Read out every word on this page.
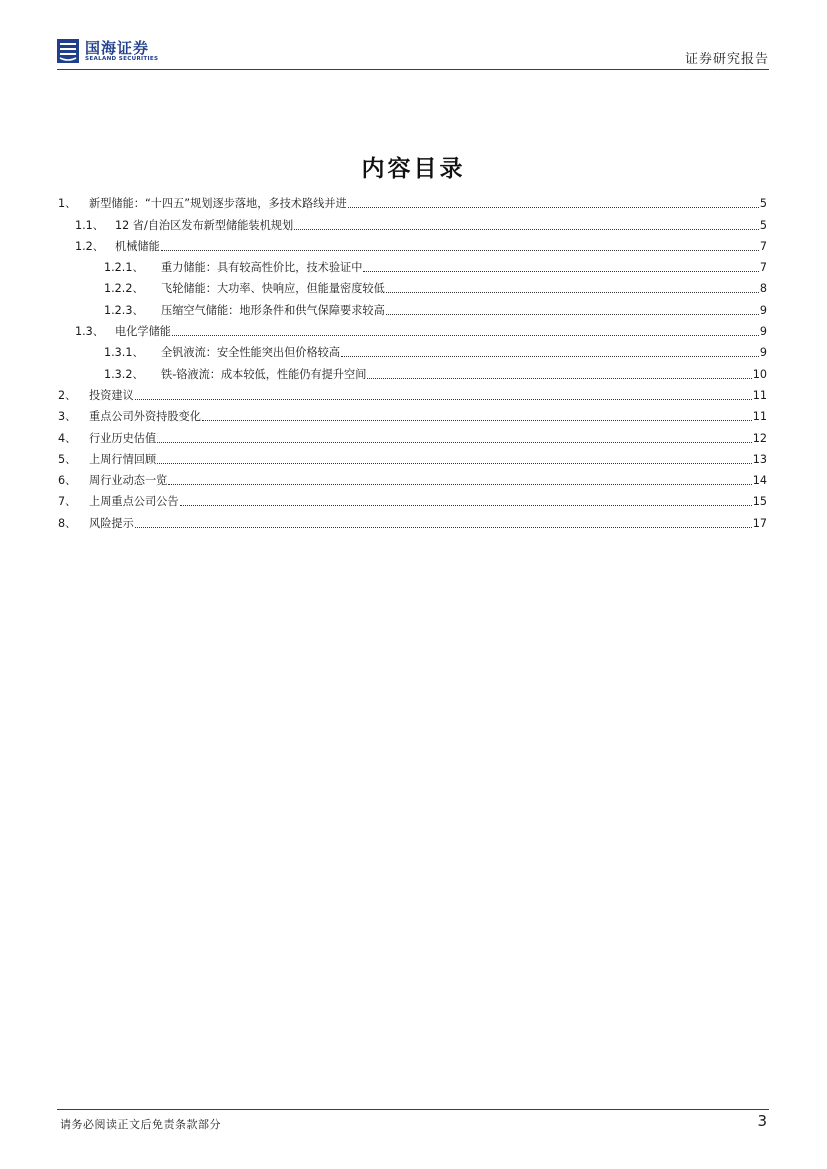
国海证券
SEALAND SECURITIES	证券研究报告
内容目录
1、	新型储能：“十四五”规划逐步落地，多技术路线并进	5
1.1、 12 省/自治区发布新型储能装机规划	5
1.2、 机械储能	7
1.2.1、	重力储能：具有较高性价比，技术验证中	7
1.2.2、	飞轮储能：大功率、快响应，但能量密度较低	8
1.2.3、	压缩空气储能：地形条件和供气保障要求较高	9
1.3、 电化学储能	9
1.3.1、	全钒液流：安全性能突出但价格较高	9
1.3.2、	铁-铬液流：成本较低，性能仍有提升空间	10
2、	投资建议	11
3、	重点公司外资持股变化	11
4、	行业历史估值	12
5、	上周行情回顾	13
6、	周行业动态一览	14
7、	上周重点公司公告	15
8、	风险提示	17
请务必阅读正文后免责条款部分	3
